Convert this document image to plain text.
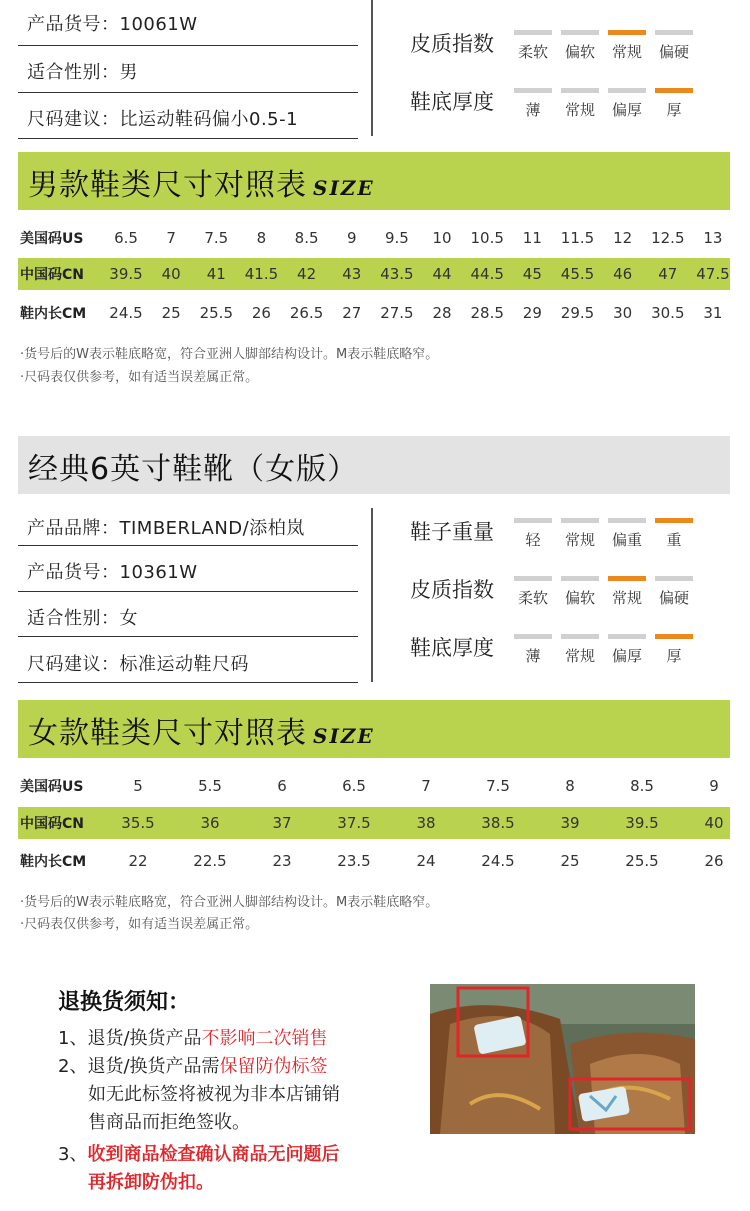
产品货号：10061W
适合性别：男
尺码建议：比运动鞋码偏小0.5-1
皮质指数	柔软	偏软	常规	偏硬
鞋底厚度	薄	常规	偏厚	厚
男款鞋类尺寸对照表 SIZE
美国码US	6.5	7	7.5	8	8.5	9	9.5	10	10.5	11	11.5	12	12.5	13
中国码CN	39.5	40	41	41.5	42	43	43.5	44	44.5	45	45.5	46	47	47.5
鞋内长CM	24.5	25	25.5	26	26.5	27	27.5	28	28.5	29	29.5	30	30.5	31
·货号后的W表示鞋底略宽，符合亚洲人脚部结构设计。M表示鞋底略窄。
·尺码表仅供参考，如有适当误差属正常。
经典6英寸鞋靴（女版）
产品品牌：TIMBERLAND/添柏岚
产品货号：10361W
适合性别：女
尺码建议：标准运动鞋尺码
鞋子重量	轻	常规	偏重	重
皮质指数	柔软	偏软	常规	偏硬
鞋底厚度	薄	常规	偏厚	厚
女款鞋类尺寸对照表 SIZE
美国码US	5	5.5	6	6.5	7	7.5	8	8.5	9
中国码CN	35.5	36	37	37.5	38	38.5	39	39.5	40
鞋内长CM	22	22.5	23	23.5	24	24.5	25	25.5	26
·货号后的W表示鞋底略宽，符合亚洲人脚部结构设计。M表示鞋底略窄。
·尺码表仅供参考，如有适当误差属正常。
退换货须知：
1、退货/换货产品不影响二次销售
2、退货/换货产品需保留防伪标签
如无此标签将被视为非本店铺销
售商品而拒绝签收。
3、收到商品检查确认商品无问题后
再拆卸防伪扣。
